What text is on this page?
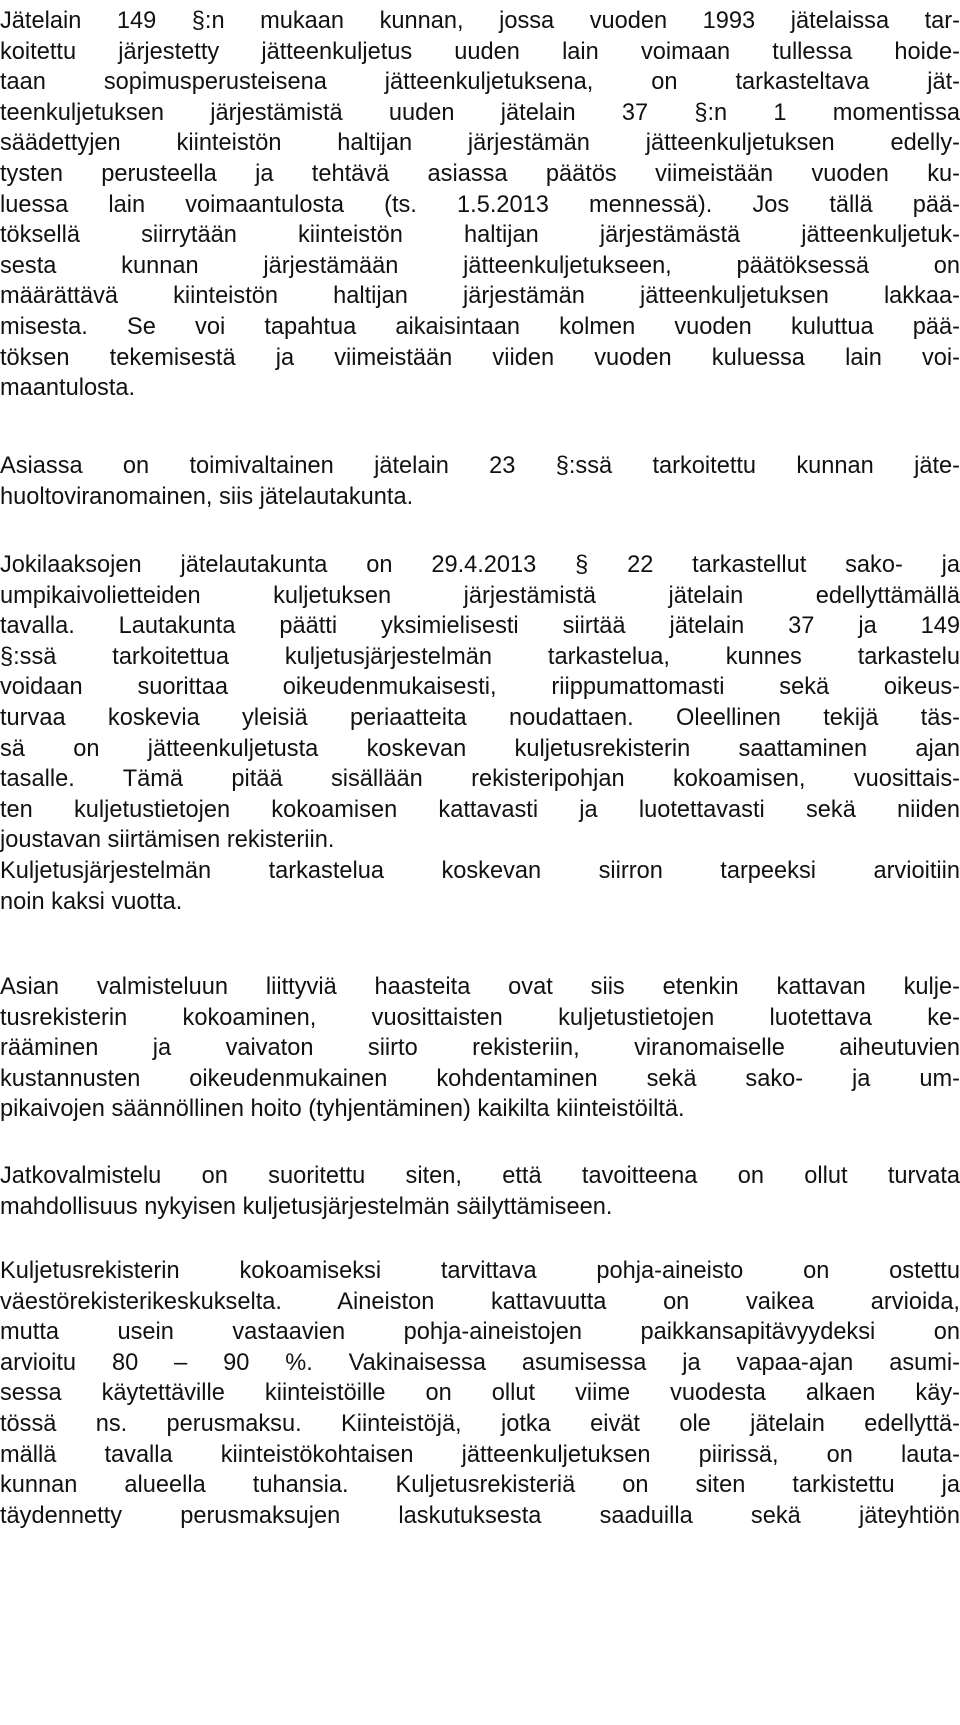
Jätelain 149 §:n mukaan kunnan, jossa vuoden 1993 jätelaissa tar-
koitettu järjestetty jätteenkuljetus uuden lain voimaan tullessa hoide-
taan sopimusperusteisena jätteenkuljetuksena, on tarkasteltava jät-
teenkuljetuksen järjestämistä uuden jätelain 37 §:n 1 momentissa
säädettyjen kiinteistön haltijan järjestämän jätteenkuljetuksen edelly-
tysten perusteella ja tehtävä asiassa päätös viimeistään vuoden ku-
luessa lain voimaantulosta (ts. 1.5.2013 mennessä). Jos tällä pää-
töksellä siirrytään kiinteistön haltijan järjestämästä jätteenkuljetuk-
sesta kunnan järjestämään jätteenkuljetukseen, päätöksessä on
määrättävä kiinteistön haltijan järjestämän jätteenkuljetuksen lakkaa-
misesta. Se voi tapahtua aikaisintaan kolmen vuoden kuluttua pää-
töksen tekemisestä ja viimeistään viiden vuoden kuluessa lain voi-
maantulosta.
Asiassa on toimivaltainen jätelain 23 §:ssä tarkoitettu kunnan jäte-
huoltoviranomainen, siis jätelautakunta.
Jokilaaksojen jätelautakunta on 29.4.2013 § 22 tarkastellut sako- ja
umpikaivolietteiden kuljetuksen järjestämistä jätelain edellyttämällä
tavalla. Lautakunta päätti yksimielisesti siirtää jätelain 37 ja 149
§:ssä tarkoitettua kuljetusjärjestelmän tarkastelua, kunnes tarkastelu
voidaan suorittaa oikeudenmukaisesti, riippumattomasti sekä oikeus-
turvaa koskevia yleisiä periaatteita noudattaen. Oleellinen tekijä täs-
sä on jätteenkuljetusta koskevan kuljetusrekisterin saattaminen ajan
tasalle. Tämä pitää sisällään rekisteripohjan kokoamisen, vuosittais-
ten kuljetustietojen kokoamisen kattavasti ja luotettavasti sekä niiden
joustavan siirtämisen rekisteriin.
Kuljetusjärjestelmän tarkastelua koskevan siirron tarpeeksi arvioitiin
noin kaksi vuotta.
Asian valmisteluun liittyviä haasteita ovat siis etenkin kattavan kulje-
tusrekisterin kokoaminen, vuosittaisten kuljetustietojen luotettava ke-
rääminen ja vaivaton siirto rekisteriin, viranomaiselle aiheutuvien
kustannusten oikeudenmukainen kohdentaminen sekä sako- ja um-
pikaivojen säännöllinen hoito (tyhjentäminen) kaikilta kiinteistöiltä.
Jatkovalmistelu on suoritettu siten, että tavoitteena on ollut turvata
mahdollisuus nykyisen kuljetusjärjestelmän säilyttämiseen.
Kuljetusrekisterin kokoamiseksi tarvittava pohja-aineisto on ostettu
väestörekisterikeskukselta. Aineiston kattavuutta on vaikea arvioida,
mutta usein vastaavien pohja-aineistojen paikkansapitävyydeksi on
arvioitu 80 – 90 %. Vakinaisessa asumisessa ja vapaa-ajan asumi-
sessa käytettäville kiinteistöille on ollut viime vuodesta alkaen käy-
tössä ns. perusmaksu. Kiinteistöjä, jotka eivät ole jätelain edellyttä-
mällä tavalla kiinteistökohtaisen jätteenkuljetuksen piirissä, on lauta-
kunnan alueella tuhansia. Kuljetusrekisteriä on siten tarkistettu ja
täydennetty perusmaksujen laskutuksesta saaduilla sekä jäteyhtiön
